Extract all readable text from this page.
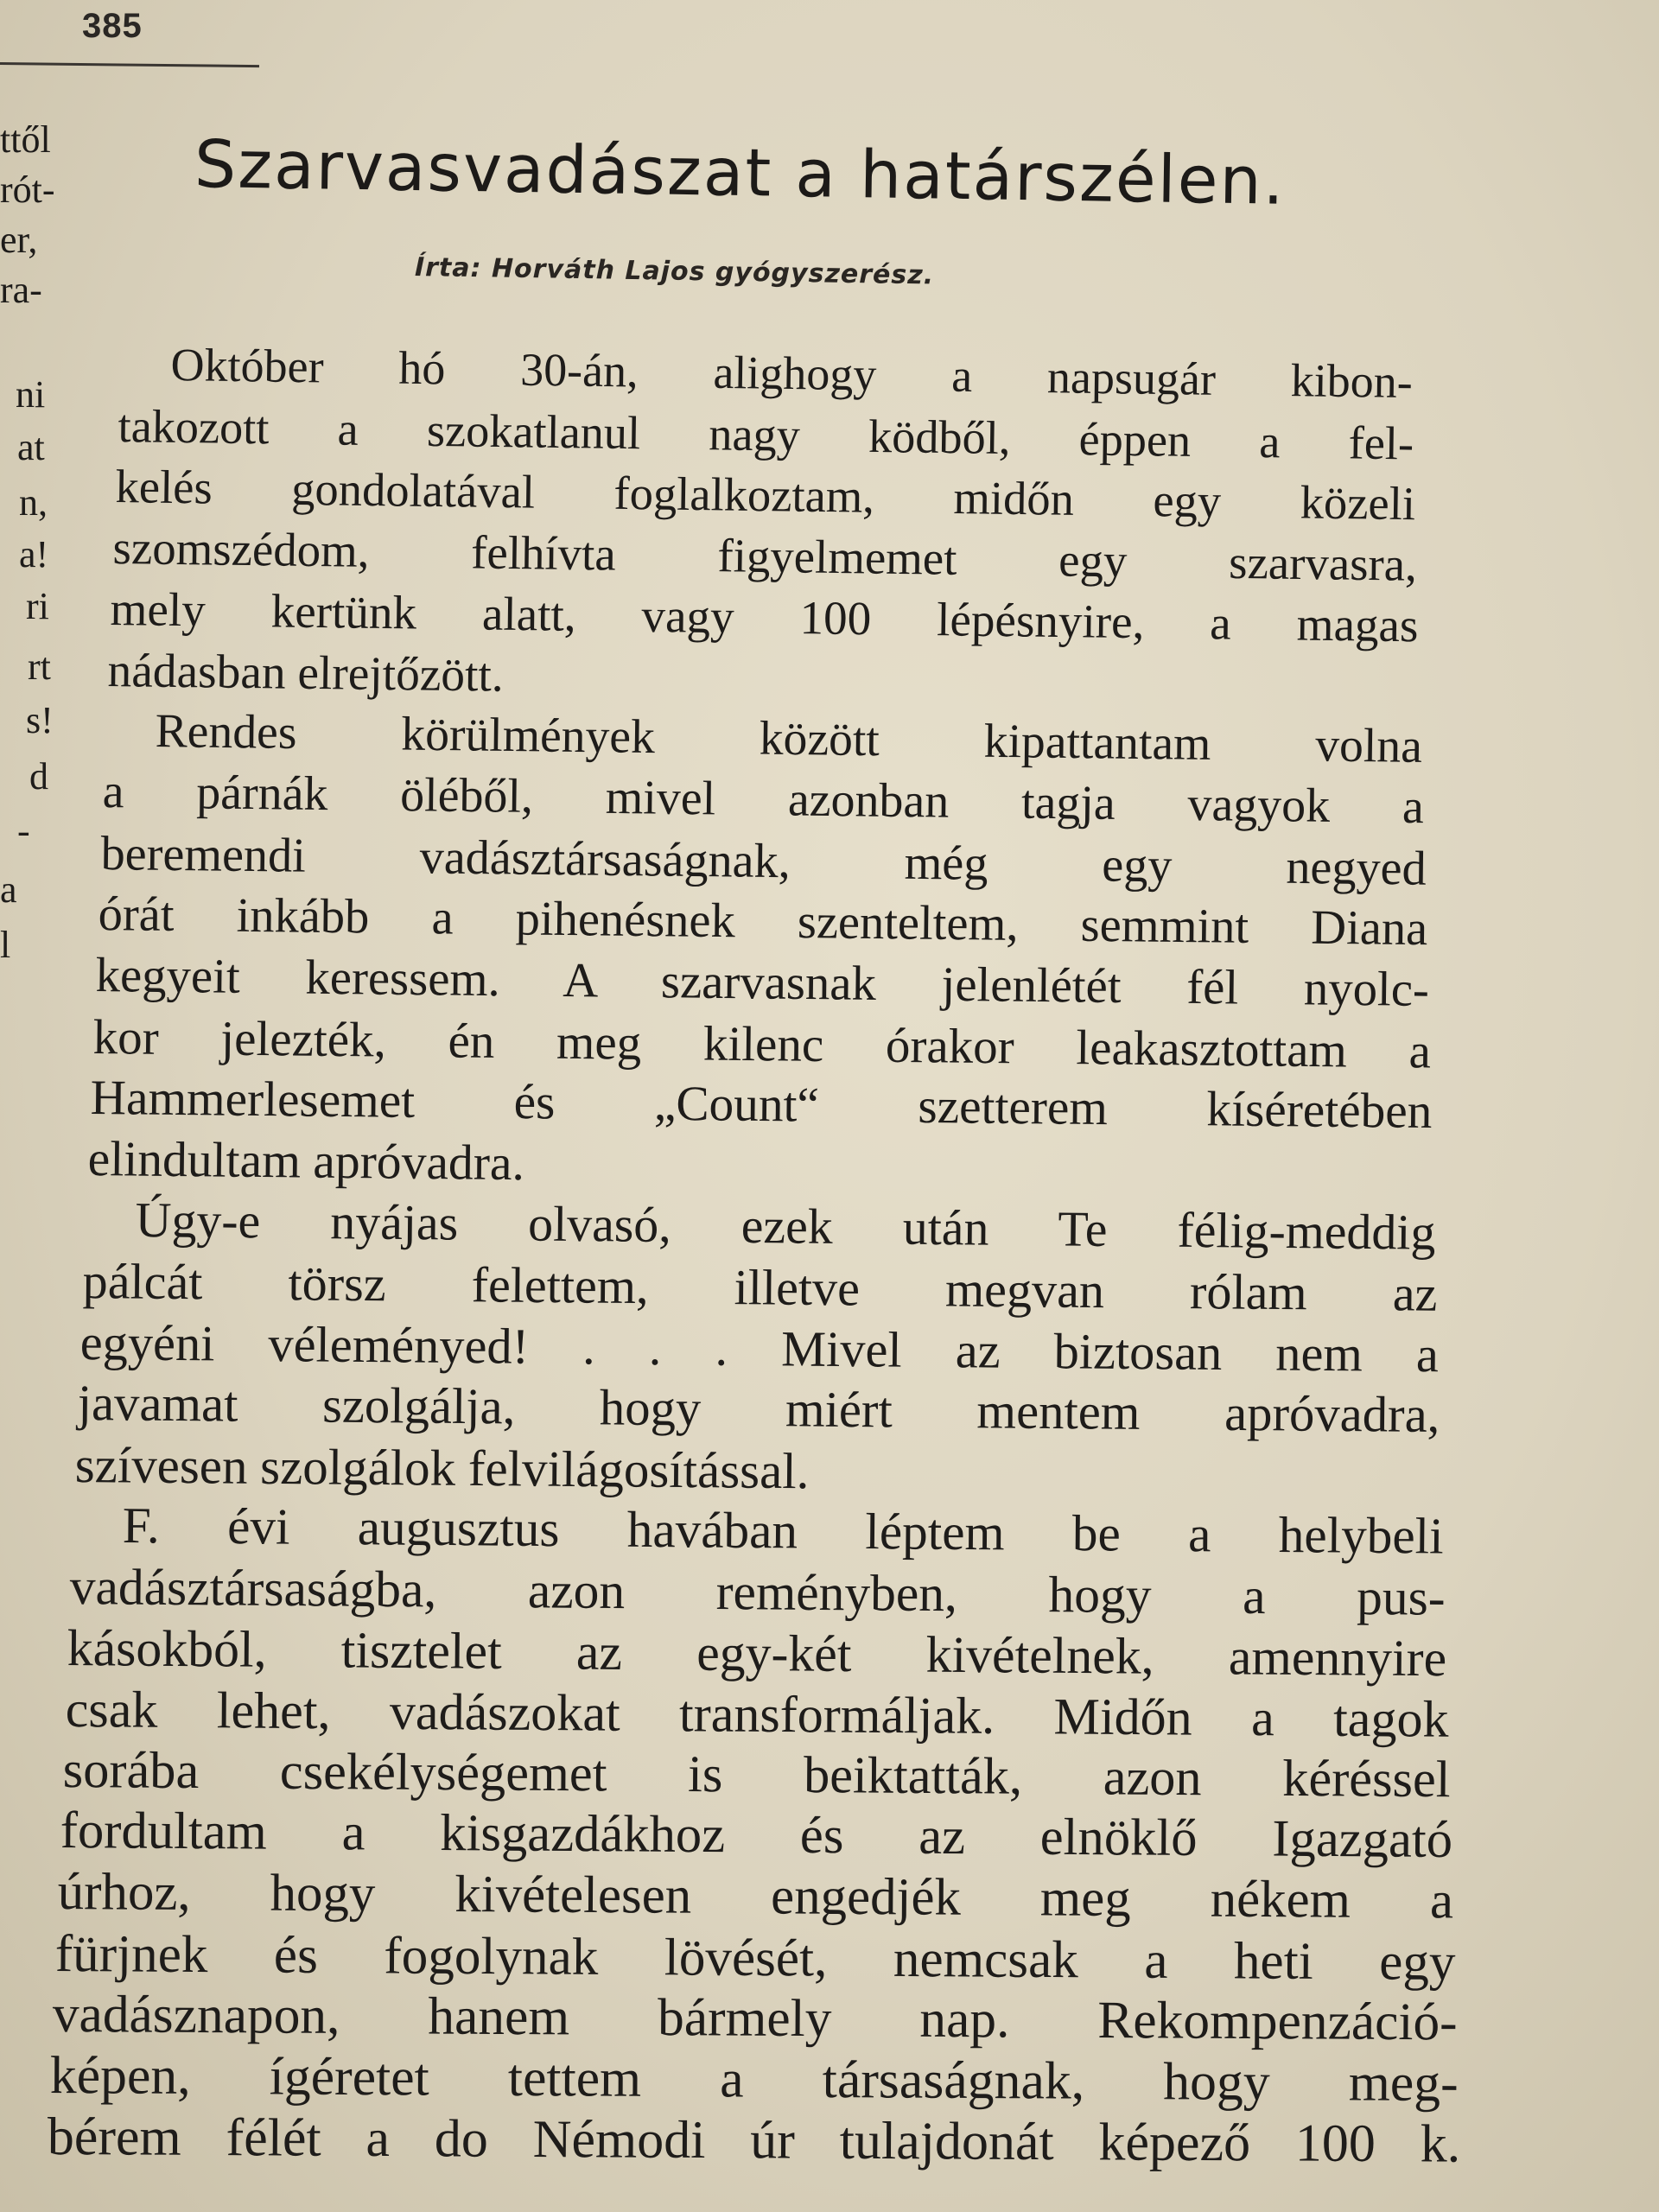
385
ttől
rót-
er,
ra-
ni
at
n,
a!
ri
rt
s!
d
-
a
l
Szarvasvadászat a határszélen.
Írta: Horváth Lajos gyógyszerész.
Október hó 30-án, alighogy a napsugár kibon-
takozott a szokatlanul nagy ködből, éppen a fel-
kelés gondolatával foglalkoztam, midőn egy közeli
szomszédom, felhívta figyelmemet egy szarvasra,
mely kertünk alatt, vagy 100 lépésnyire, a magas
nádasban elrejtőzött.
Rendes körülmények között kipattantam volna
a párnák öléből, mivel azonban tagja vagyok a
beremendi vadásztársaságnak, még egy negyed
órát inkább a pihenésnek szenteltem, semmint Diana
kegyeit keressem. A szarvasnak jelenlétét fél nyolc-
kor jelezték, én meg kilenc órakor leakasztottam a
Hammerlesemet és „Count“ szetterem kíséretében
elindultam apróvadra.
Úgy-e nyájas olvasó, ezek után Te félig-meddig
pálcát törsz felettem, illetve megvan rólam az
egyéni véleményed! . . . Mivel az biztosan nem a
javamat szolgálja, hogy miért mentem apróvadra,
szívesen szolgálok felvilágosítással.
F. évi augusztus havában léptem be a helybeli
vadásztársaságba, azon reményben, hogy a pus-
kásokból, tisztelet az egy-két kivételnek, amennyire
csak lehet, vadászokat transformáljak. Midőn a tagok
sorába csekélységemet is beiktatták, azon kéréssel
fordultam a kisgazdákhoz és az elnöklő Igazgató
úrhoz, hogy kivételesen engedjék meg nékem a
fürjnek és fogolynak lövését, nemcsak a heti egy
vadásznapon, hanem bármely nap. Rekompenzáció-
képen, ígéretet tettem a társaságnak, hogy meg-
bérem félét a do Némodi úr tulajdonát képező 100 k.
